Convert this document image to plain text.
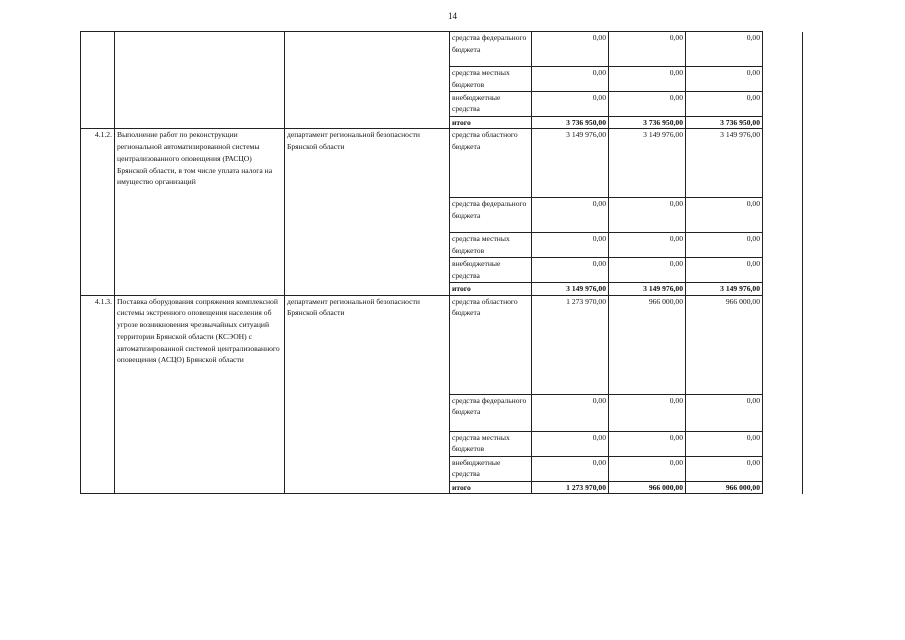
14
			средства федерального бюджета	0,00	0,00	0,00	
			средства местных бюджетов	0,00	0,00	0,00	
			внебюджетные средства	0,00	0,00	0,00	
			итого	3 736 950,00	3 736 950,00	3 736 950,00	
4.1.2.	Выполнение работ по реконструкции региональной автоматизированной системы централизованного оповещения (РАСЦО) Брянской области, в том числе уплата налога на имущество организаций	департамент региональной безопасности Брянской области	средства областного бюджета	3 149 976,00	3 149 976,00	3 149 976,00	
			средства федерального бюджета	0,00	0,00	0,00	
			средства местных бюджетов	0,00	0,00	0,00	
			внебюджетные средства	0,00	0,00	0,00	
			итого	3 149 976,00	3 149 976,00	3 149 976,00	
4.1.3.	Поставка оборудования сопряжения комплексной системы экстренного оповещения населения об угрозе возникновения чрезвычайных ситуаций территории Брянской области (КСЭОН) с автоматизированной системой централизованного оповещения (АСЦО) Брянской области	департамент региональной безопасности Брянской области	средства областного бюджета	1 273 970,00	966 000,00	966 000,00	
			средства федерального бюджета	0,00	0,00	0,00	
			средства местных бюджетов	0,00	0,00	0,00	
			внебюджетные средства	0,00	0,00	0,00	
			итого	1 273 970,00	966 000,00	966 000,00	
